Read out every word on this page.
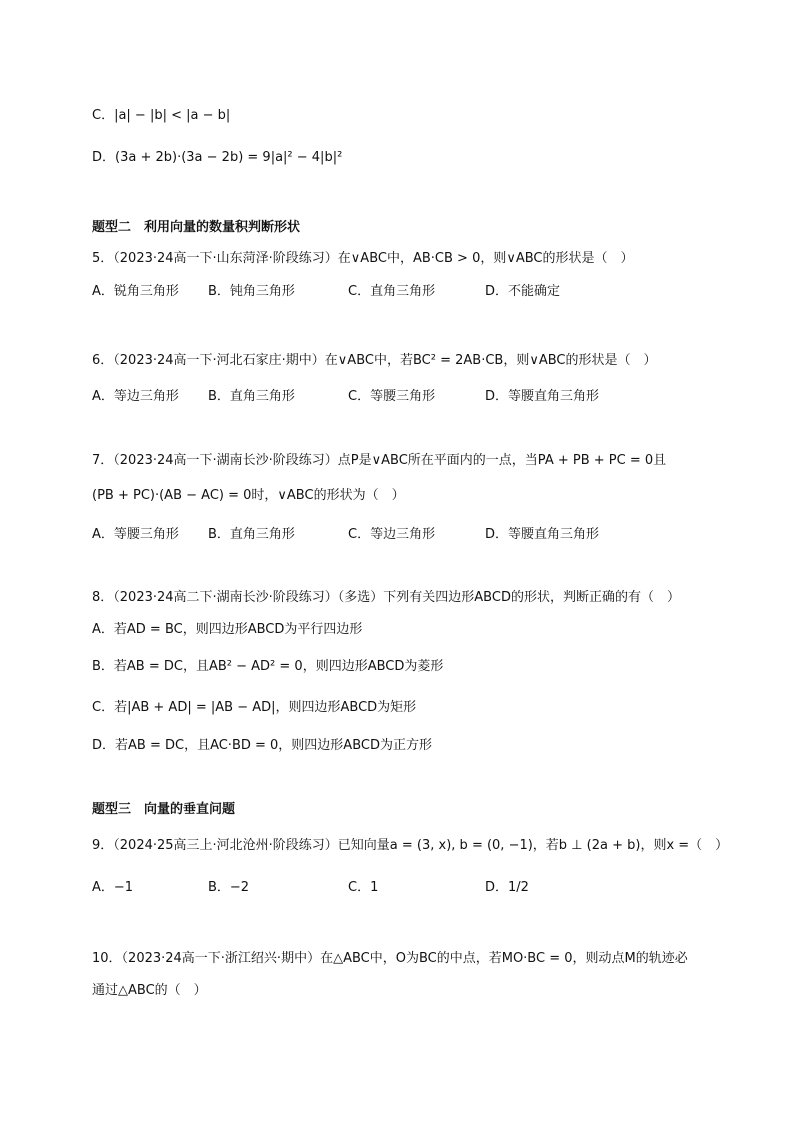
C．|a| − |b| < |a − b|
D．(3a + 2b)·(3a − 2b) = 9|a|² − 4|b|²
题型二　利用向量的数量积判断形状
5．（2023·24高一下·山东菏泽·阶段练习）在∨ABC中，AB·CB > 0，则∨ABC的形状是（　）
A．锐角三角形 B．钝角三角形	C．直角三角形	D．不能确定
6．（2023·24高一下·河北石家庄·期中）在∨ABC中，若BC² = 2AB·CB，则∨ABC的形状是（　）
A．等边三角形 B．直角三角形	C．等腰三角形	D．等腰直角三角形
7．（2023·24高一下·湖南长沙·阶段练习）点P是∨ABC所在平面内的一点，当PA + PB + PC = 0且
(PB + PC)·(AB − AC) = 0时，∨ABC的形状为（　）
A．等腰三角形 B．直角三角形	C．等边三角形	D．等腰直角三角形
8．（2023·24高二下·湖南长沙·阶段练习）（多选）下列有关四边形ABCD的形状，判断正确的有（　）
A．若AD = BC，则四边形ABCD为平行四边形
B．若AB = DC，且AB² − AD² = 0，则四边形ABCD为菱形
C．若|AB + AD| = |AB − AD|，则四边形ABCD为矩形
D．若AB = DC，且AC·BD = 0，则四边形ABCD为正方形
题型三　向量的垂直问题
9．（2024·25高三上·河北沧州·阶段练习）已知向量a = (3, x), b = (0, −1)，若b ⊥ (2a + b)，则x =（　）
A．−1	B．−2	C．1	D．1/2
10．（2023·24高一下·浙江绍兴·期中）在△ABC中，O为BC的中点，若MO·BC = 0，则动点M的轨迹必
通过△ABC的（　）
